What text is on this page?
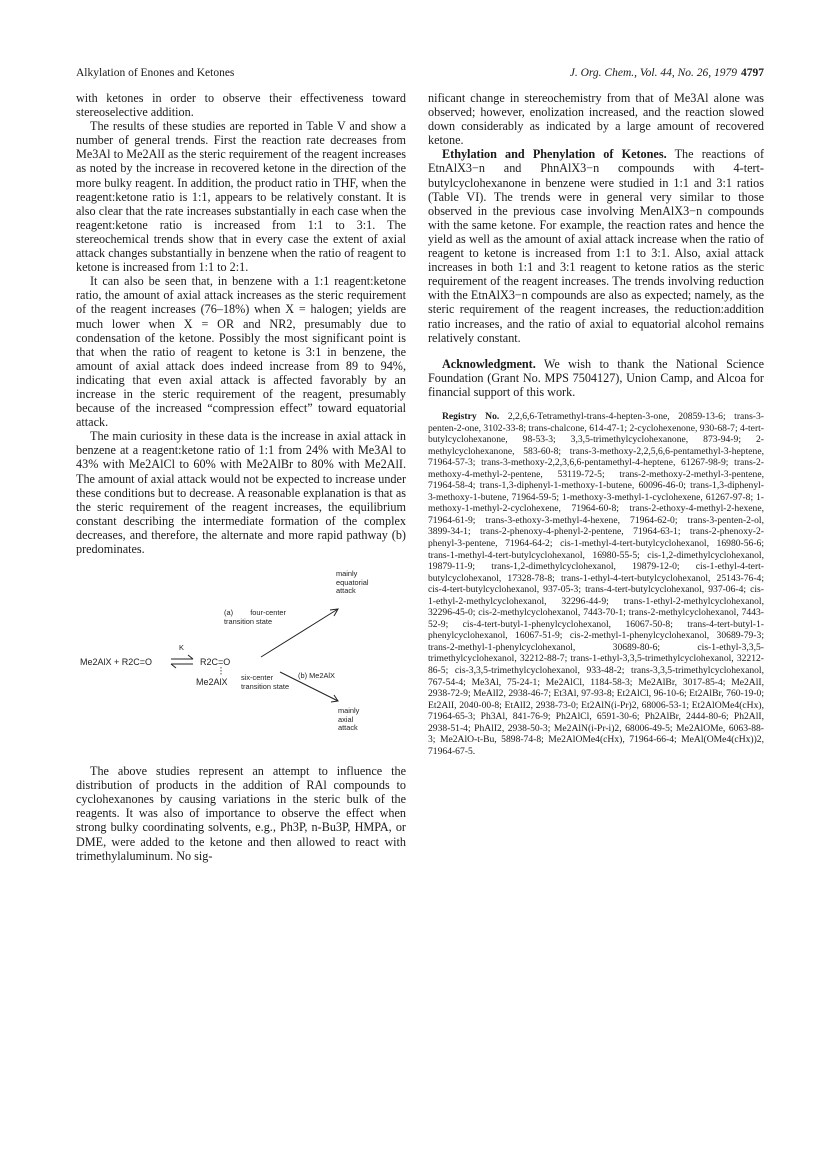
Alkylation of Enones and Ketones	J. Org. Chem., Vol. 44, No. 26, 1979 4797

with ketones in order to observe their effectiveness toward stereoselective addition.

The results of these studies are reported in Table V and show a number of general trends. First the reaction rate decreases from Me3Al to Me2AlI as the steric requirement of the reagent increases as noted by the increase in recovered ketone in the direction of the more bulky reagent. In addition, the product ratio in THF, when the reagent:ketone ratio is 1:1, appears to be relatively constant. It is also clear that the rate increases substantially in each case when the reagent:ketone ratio is increased from 1:1 to 3:1. The stereochemical trends show that in every case the extent of axial attack changes substantially in benzene when the ratio of reagent to ketone is increased from 1:1 to 2:1.

It can also be seen that, in benzene with a 1:1 reagent:ketone ratio, the amount of axial attack increases as the steric requirement of the reagent increases (76–18%) when X = halogen; yields are much lower when X = OR and NR2, presumably due to condensation of the ketone. Possibly the most significant point is that when the ratio of reagent to ketone is 3:1 in benzene, the amount of axial attack does indeed increase from 89 to 94%, indicating that even axial attack is affected favorably by an increase in the steric requirement of the reagent, presumably because of the increased “compression effect” toward equatorial attack.

The main curiosity in these data is the increase in axial attack in benzene at a reagent:ketone ratio of 1:1 from 24% with Me3Al to 43% with Me2AlCl to 60% with Me2AlBr to 80% with Me2AlI. The amount of axial attack would not be expected to increase under these conditions but to decrease. A reasonable explanation is that as the steric requirement of the reagent increases, the equilibrium constant describing the intermediate formation of the complex decreases, and therefore, the alternate and more rapid pathway (b) predominates.

mainly equatorial attack
(a) four-center transition state
Me2AlX + R2C=O
K
R2C=O
Me2AlX six-center transition state
(b) Me2AlX
mainly axial attack

The above studies represent an attempt to influence the distribution of products in the addition of RAl compounds to cyclohexanones by causing variations in the steric bulk of the reagents. It was also of importance to observe the effect when strong bulky coordinating solvents, e.g., Ph3P, n-Bu3P, HMPA, or DME, were added to the ketone and then allowed to react with trimethylaluminum. No sig-

nificant change in stereochemistry from that of Me3Al alone was observed; however, enolization increased, and the reaction slowed down considerably as indicated by a large amount of recovered ketone.

Ethylation and Phenylation of Ketones. The reactions of EtnAlX3−n and PhnAlX3−n compounds with 4-tert-butylcyclohexanone in benzene were studied in 1:1 and 3:1 ratios (Table VI). The trends were in general very similar to those observed in the previous case involving MenAlX3−n compounds with the same ketone. For example, the reaction rates and hence the yield as well as the amount of axial attack increase when the ratio of reagent to ketone is increased from 1:1 to 3:1. Also, axial attack increases in both 1:1 and 3:1 reagent to ketone ratios as the steric requirement of the reagent increases. The trends involving reduction with the EtnAlX3−n compounds are also as expected; namely, as the steric requirement of the reagent increases, the reduction:addition ratio increases, and the ratio of axial to equatorial alcohol remains relatively constant.

Acknowledgment. We wish to thank the National Science Foundation (Grant No. MPS 7504127), Union Camp, and Alcoa for financial support of this work.

Registry No. 2,2,6,6-Tetramethyl-trans-4-hepten-3-one, 20859-13-6; trans-3-penten-2-one, 3102-33-8; trans-chalcone, 614-47-1; 2-cyclohexenone, 930-68-7; 4-tert-butylcyclohexanone, 98-53-3; 3,3,5-trimethylcyclohexanone, 873-94-9; 2-methylcyclohexanone, 583-60-8; trans-3-methoxy-2,2,5,6,6-pentamethyl-3-heptene, 71964-57-3; trans-3-methoxy-2,2,3,6,6-pentamethyl-4-heptene, 61267-98-9; trans-2-methoxy-4-methyl-2-pentene, 53119-72-5; trans-2-methoxy-2-methyl-3-pentene, 71964-58-4; trans-1,3-diphenyl-1-methoxy-1-butene, 60096-46-0; trans-1,3-diphenyl-3-methoxy-1-butene, 71964-59-5; 1-methoxy-3-methyl-1-cyclohexene, 61267-97-8; 1-methoxy-1-methyl-2-cyclohexene, 71964-60-8; trans-2-ethoxy-4-methyl-2-hexene, 71964-61-9; trans-3-ethoxy-3-methyl-4-hexene, 71964-62-0; trans-3-penten-2-ol, 3899-34-1; trans-2-phenoxy-4-phenyl-2-pentene, 71964-63-1; trans-2-phenoxy-2-phenyl-3-pentene, 71964-64-2; cis-1-methyl-4-tert-butylcyclohexanol, 16980-56-6; trans-1-methyl-4-tert-butylcyclohexanol, 16980-55-5; cis-1,2-dimethylcyclohexanol, 19879-11-9; trans-1,2-dimethylcyclohexanol, 19879-12-0; cis-1-ethyl-4-tert-butylcyclohexanol, 17328-78-8; trans-1-ethyl-4-tert-butylcyclohexanol, 25143-76-4; cis-4-tert-butylcyclohexanol, 937-05-3; trans-4-tert-butylcyclohexanol, 937-06-4; cis-1-ethyl-2-methylcyclohexanol, 32296-44-9; trans-1-ethyl-2-methylcyclohexanol, 32296-45-0; cis-2-methylcyclohexanol, 7443-70-1; trans-2-methylcyclohexanol, 7443-52-9; cis-4-tert-butyl-1-phenylcyclohexanol, 16067-50-8; trans-4-tert-butyl-1-phenylcyclohexanol, 16067-51-9; cis-2-methyl-1-phenylcyclohexanol, 30689-79-3; trans-2-methyl-1-phenylcyclohexanol, 30689-80-6; cis-1-ethyl-3,3,5-trimethylcyclohexanol, 32212-88-7; trans-1-ethyl-3,3,5-trimethylcyclohexanol, 32212-86-5; cis-3,3,5-trimethylcyclohexanol, 933-48-2; trans-3,3,5-trimethylcyclohexanol, 767-54-4; Me3Al, 75-24-1; Me2AlCl, 1184-58-3; Me2AlBr, 3017-85-4; Me2AlI, 2938-72-9; MeAlI2, 2938-46-7; Et3Al, 97-93-8; Et2AlCl, 96-10-6; Et2AlBr, 760-19-0; Et2AlI, 2040-00-8; EtAlI2, 2938-73-0; Et2AlN(i-Pr)2, 68006-53-1; Et2AlOMe4(cHx), 71964-65-3; Ph3Al, 841-76-9; Ph2AlCl, 6591-30-6; Ph2AlBr, 2444-80-6; Ph2AlI, 2938-51-4; PhAlI2, 2938-50-3; Me2AlN(i-Pr-i)2, 68006-49-5; Me2AlOMe, 6063-88-3; Me2AlO-t-Bu, 5898-74-8; Me2AlOMe4(cHx), 71964-66-4; MeAl(OMe4(cHx))2, 71964-67-5.
